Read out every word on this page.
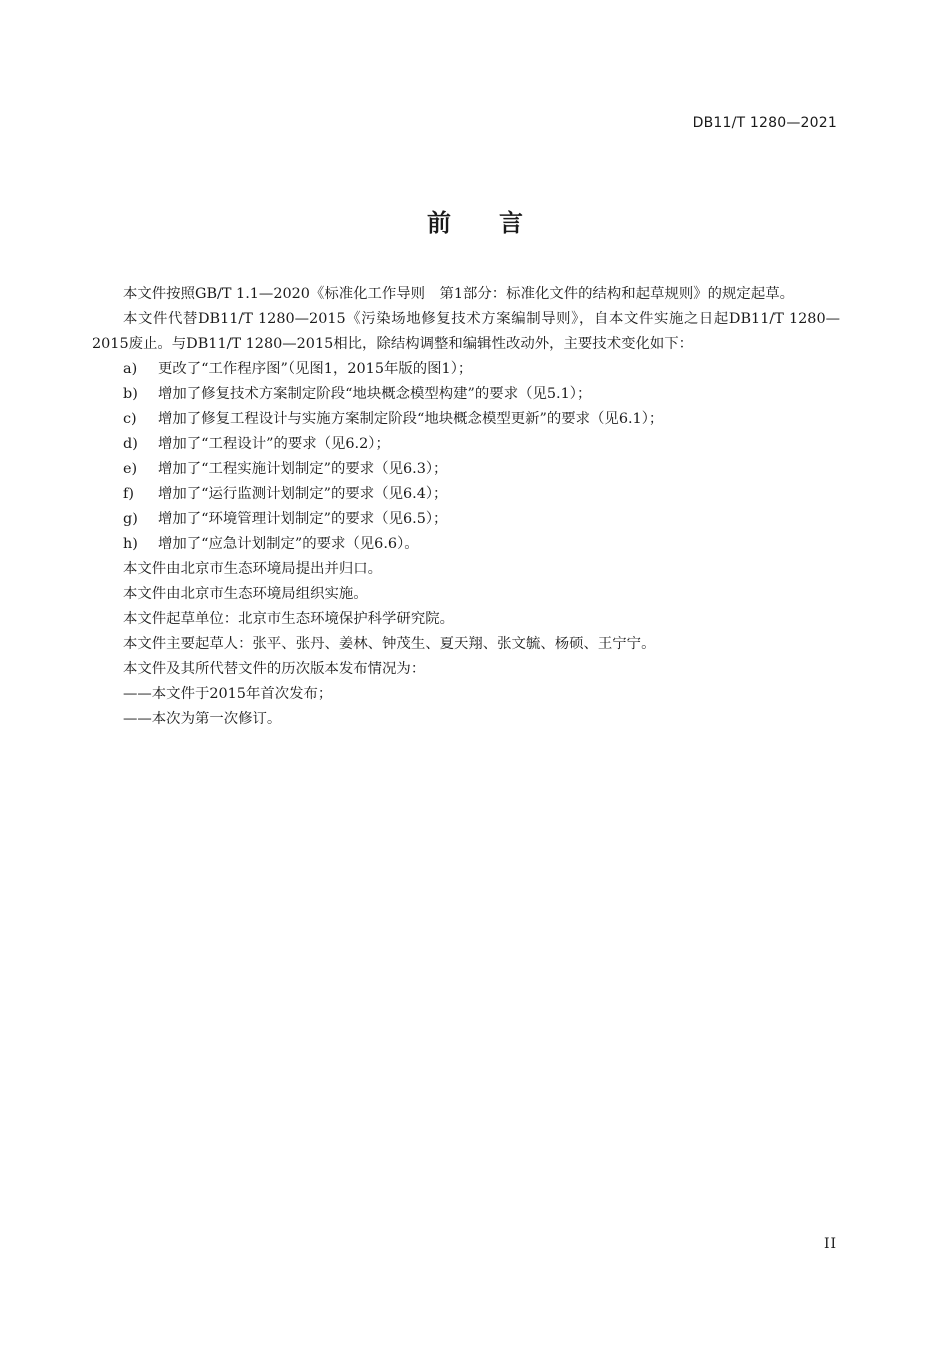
DB11/T 1280—2021
前　　言

本文件按照GB/T 1.1—2020《标准化工作导则　第1部分：标准化文件的结构和起草规则》的规定起草。

本文件代替DB11/T 1280—2015《污染场地修复技术方案编制导则》，自本文件实施之日起DB11/T 1280—2015废止。与DB11/T 1280—2015相比，除结构调整和编辑性改动外，主要技术变化如下：

a) 更改了“工作程序图”（见图1，2015年版的图1）；
b) 增加了修复技术方案制定阶段“地块概念模型构建”的要求（见5.1）；
c) 增加了修复工程设计与实施方案制定阶段“地块概念模型更新”的要求（见6.1）；
d) 增加了“工程设计”的要求（见6.2）；
e) 增加了“工程实施计划制定”的要求（见6.3）；
f) 增加了“运行监测计划制定”的要求（见6.4）；
g) 增加了“环境管理计划制定”的要求（见6.5）；
h) 增加了“应急计划制定”的要求（见6.6）。

本文件由北京市生态环境局提出并归口。

本文件由北京市生态环境局组织实施。

本文件起草单位：北京市生态环境保护科学研究院。

本文件主要起草人：张平、张丹、姜林、钟茂生、夏天翔、张文毓、杨硕、王宁宁。

本文件及其所代替文件的历次版本发布情况为：

——本文件于2015年首次发布；
——本次为第一次修订。
II
